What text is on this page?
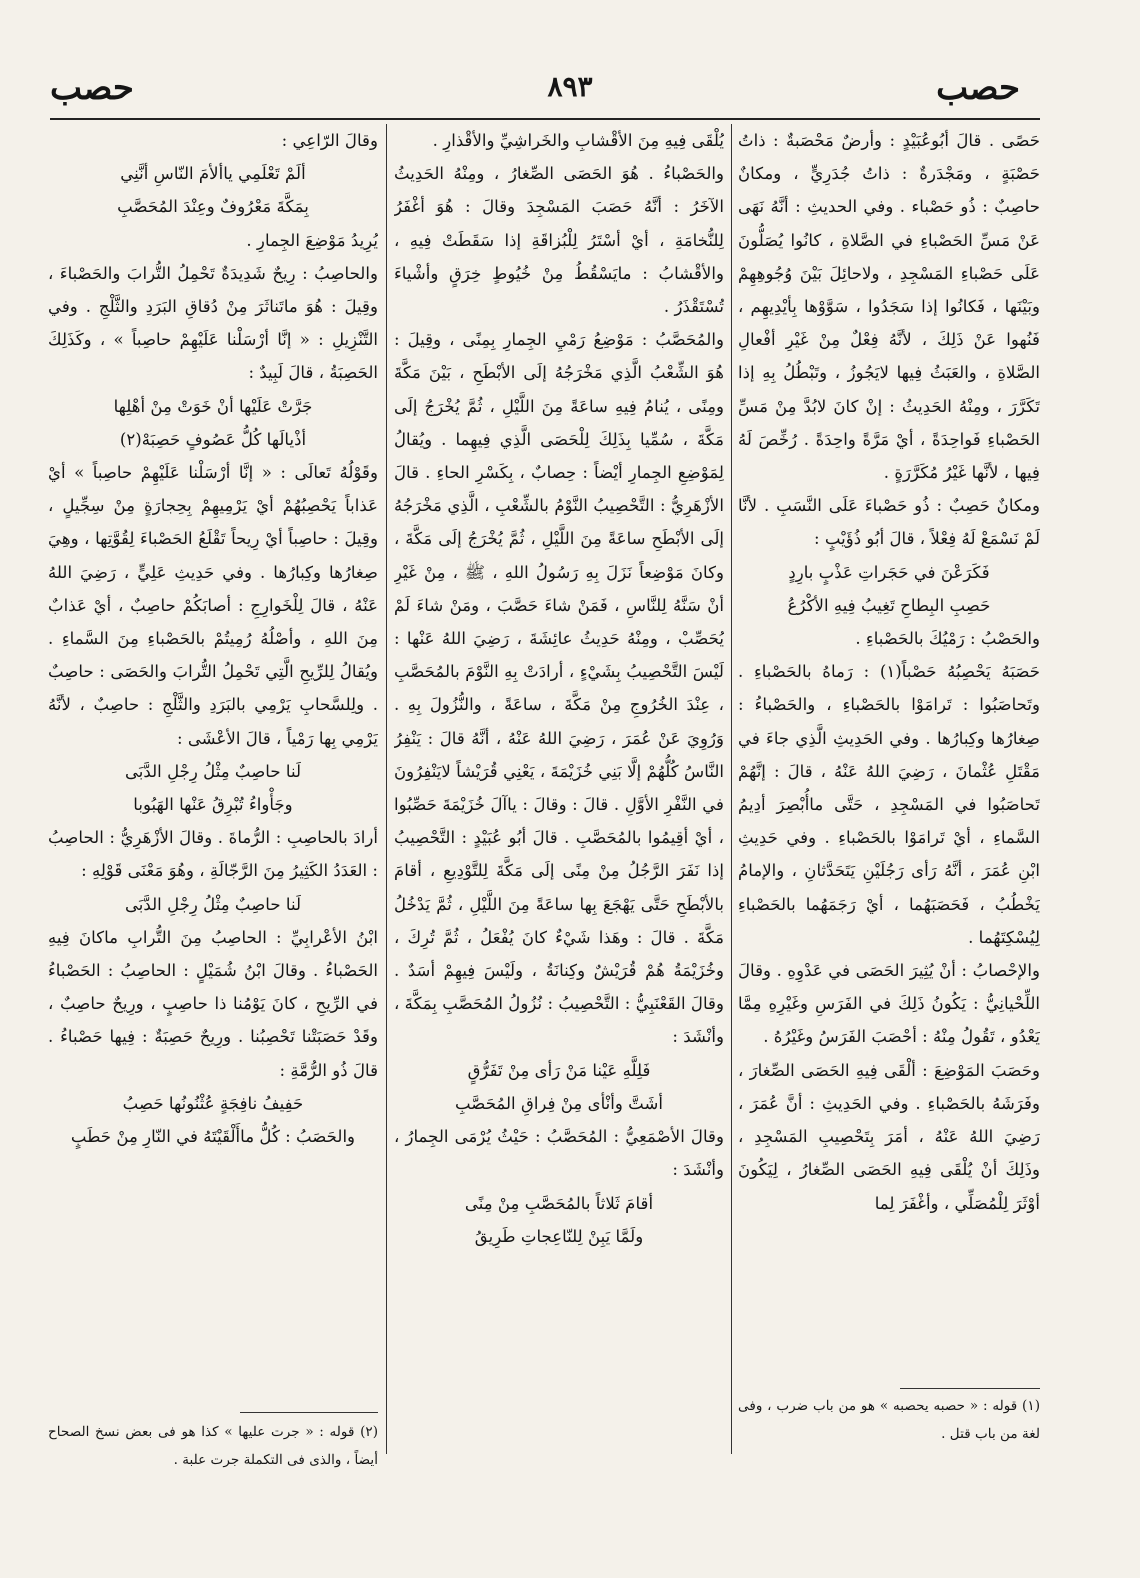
حصب
٨٩٣
حصب

حَصًى . قالَ أبُوعُبَيْدٍ : وأرضٌ مَحْصَبةٌ : ذاتُ حَصْبَةٍ ، ومَجْدَرةٌ : ذاتُ جُدَرِيٍّ ، ومكانٌ حاصِبٌ : ذُو حَصْباء . وفي الحديثِ : أنَّهُ نَهَى عَنْ مَسِّ الحَصْباءِ في الصَّلاةِ ، كانُوا يُصَلُّونَ عَلَى حَصْباءِ المَسْجِدِ ، ولاحائِلَ بَيْنَ وُجُوهِهِمْ وبَيْنَها ، فَكانُوا إذا سَجَدُوا ، سَوَّوْها بِأيْدِيهِم ، فَنُهوا عَنْ ذَلِكَ ، لأنَّهُ فِعْلٌ مِنْ غَيْرِ أفْعالِ الصَّلاةِ ، والعَبَثُ فِيها لايَجُوزُ ، وتَبْطُلُ بِهِ إذا تَكَرَّرَ ، ومِنْهُ الحَدِيثُ : إنْ كانَ لابُدَّ مِنْ مَسِّ الحَصْباءِ فَواحِدَةً ، أيْ مَرَّةً واحِدَةً . رُخِّصَ لَهُ فِيها ، لأنَّها غَيْرُ مُكَرَّرَةٍ .

ومكانٌ حَصِبٌ : ذُو حَصْباءَ عَلَى النَّسَبِ . لأنَّا لَمْ نَسْمَعْ لَهُ فِعْلاً ، قالَ أبُو ذُؤَيْبٍ :

فَكَرَعْنَ في حَجَراتِ عَذْبٍ بارِدٍ

حَصِبِ البِطاحِ تَغِيبُ فِيهِ الأكْرُعُ

والحَصْبُ : رَمْيُكَ بالحَصْباءِ .

حَصَبَهُ يَحْصِبُهُ حَصْباً(١) : رَماهُ بالحَصْباءِ . وتَحاصَبُوا : تَرامَوْا بالحَصْباءِ ، والحَصْباءُ : صِغارُها وكِبارُها . وفي الحَدِيثِ الَّذِي جاءَ في مَقْتَلِ عُثْمانَ ، رَضِيَ اللهُ عَنْهُ ، قالَ : إنَّهُمْ تَحاصَبُوا في المَسْجِدِ ، حَتَّى ماأُبْصِرَ أدِيمُ السَّماءِ ، أيْ تَرامَوْا بالحَصْباءِ . وفي حَدِيثِ ابْنِ عُمَرَ ، أنَّهُ رَأى رَجُلَيْنِ يَتَحَدَّثانِ ، والإمامُ يَخْطُبُ ، فَحَصَبَهُما ، أيْ رَجَمَهُما بالحَصْباءِ لِيُسْكِتَهُما .

والإحْصابُ : أنْ يُثِيرَ الحَصَى في عَدْوِهِ . وقالَ اللِّحْيانِيُّ : يَكُونُ ذَلِكَ في الفَرَسِ وغَيْرِهِ مِمَّا يَعْدُو ، تَقُولُ مِنْهُ : أحْصَبَ الفَرَسُ وغَيْرُهُ .

وحَصَبَ المَوْضِعَ : ألْقَى فِيهِ الحَصَى الصِّغارَ ، وفَرَشَهُ بالحَصْباءِ . وفي الحَدِيثِ : أنَّ عُمَرَ ، رَضِيَ اللهُ عَنْهُ ، أمَرَ بِتَحْصِيبِ المَسْجِدِ ، وذَلِكَ أنْ يُلْقَى فِيهِ الحَصَى الصِّغارُ ، لِيَكُونَ أوْثَرَ لِلْمُصَلِّي ، وأغْفَرَ لِما

يُلْقَى فِيهِ مِنَ الأقْشابِ والخَراشِيِّ والأقْذارِ .

والحَصْباءُ . هُوَ الحَصَى الصِّغارُ ، ومِنْهُ الحَدِيثُ الآخَرُ : أنَّهُ حَصَبَ المَسْجِدَ وقالَ : هُوَ أغْفَرُ لِلنُّخامَةِ ، أيْ أسْتَرُ لِلْبُزاقَةِ إذا سَقَطَتْ فِيهِ ، والأقْشابُ : مايَسْقُطُ مِنْ خُيُوطٍ خِرَقٍ وأشْياءَ تُسْتَقْذَرُ .

والمُحَصَّبُ : مَوْضِعُ رَمْيِ الجِمارِ بِمِنًى ، وقِيلَ : هُوَ الشِّعْبُ الَّذِي مَخْرَجُهُ إلَى الأبْطَحِ ، بَيْنَ مَكَّةَ ومِنًى ، يُنامُ فِيهِ ساعَةً مِنَ اللَّيْلِ ، ثُمَّ يُخْرَجُ إلَى مَكَّةَ ، سُمِّيا بِذَلِكَ لِلْحَصَى الَّذِي فِيهِما . ويُقالُ لِمَوْضِعِ الجِمارِ أيْضاً : حِصابٌ ، بِكَسْرِ الحاءِ . قالَ الأزْهَرِيُّ : التَّحْصِيبُ النَّوْمُ بالشِّعْبِ ، الَّذِي مَخْرَجُهُ إلَى الأبْطَحِ ساعَةً مِنَ اللَّيْلِ ، ثُمَّ يُخْرَجُ إلَى مَكَّةَ ، وكانَ مَوْضِعاً نَزَلَ بِهِ رَسُولُ اللهِ ، ﷺ ، مِنْ غَيْرِ أنْ سَنَّهُ لِلنَّاسِ ، فَمَنْ شاءَ حَصَّبَ ، ومَنْ شاءَ لَمْ يُحَصِّبْ ، ومِنْهُ حَدِيثُ عائِشَةَ ، رَضِيَ اللهُ عَنْها : لَيْسَ التَّحْصِيبُ بِشَيْءٍ ، أرادَتْ بِهِ النَّوْمَ بالمُحَصَّبِ ، عِنْدَ الخُرُوجِ مِنْ مَكَّةَ ، ساعَةً ، والنُّزُولَ بِهِ . وَرُوِيَ عَنْ عُمَرَ ، رَضِيَ اللهُ عَنْهُ ، أنَّهُ قالَ : يَنْفِرُ النَّاسُ كُلُّهُمْ إلَّا بَنِي خُزَيْمَةَ ، يَعْنِي قُرَيْشاً لايَنْفِرُونَ في النَّفْرِ الأوَّلِ . قالَ : وقالَ : ياآلَ خُزَيْمَةَ حَصِّبُوا ، أيْ أقِيمُوا بالمُحَصَّبِ . قالَ أبُو عُبَيْدٍ : التَّحْصِيبُ إذا نَفَرَ الرَّجُلُ مِنْ مِنًى إلَى مَكَّةَ لِلتَّوْدِيعِ ، أقامَ بالأبْطَحِ حَتَّى يَهْجَعَ بِها ساعَةً مِنَ اللَّيْلِ ، ثُمَّ يَدْخُلُ مَكَّةَ . قالَ : وهَذا شَيْءٌ كانَ يُفْعَلُ ، ثُمَّ تُرِكَ ، وخُزَيْمَةُ هُمْ قُرَيْشٌ وكِنانَةُ ، ولَيْسَ فِيهِمْ أسَدٌ . وقالَ القَعْنَبِيُّ : التَّحْصِيبُ : نُزُولُ المُحَصَّبِ بِمَكَّةَ ، وأنْشَدَ :

فَلِلَّهِ عَيْنا مَنْ رَأى مِنْ تَفَرُّقٍ

أشَتَّ وأنْأى مِنْ فِراقِ المُحَصَّبِ

وقالَ الأصْمَعِيُّ : المُحَصَّبُ : حَيْثُ يُرْمَى الجِمارُ ، وأنْشَدَ :

أقامَ ثَلاثاً بالمُحَصَّبِ مِنْ مِنًى

ولَمَّا يَبِنْ لِلنّاعِجاتِ طَرِيقُ

وقالَ الرّاعِي :

ألَمْ تَعْلَمِي ياألأمَ النّاسِ أنَّنِي

بِمَكَّةَ مَعْرُوفٌ وعِنْدَ المُحَصَّبِ

يُرِيدُ مَوْضِعَ الجِمارِ .

والحاصِبُ : رِيحٌ شَدِيدَةٌ تَحْمِلُ التُّرابَ والحَصْباءَ ، وقِيلَ : هُوَ ماتَناثَرَ مِنْ دُقاقِ البَرَدِ والثَّلْجِ . وفي التَّنْزِيلِ : « إنَّا أرْسَلْنا عَلَيْهِمْ حاصِباً » ، وكَذَلِكَ الحَصِبَةُ ، قالَ لَبِيدٌ :

جَرَّتْ عَلَيْها أنْ خَوَتْ مِنْ أهْلِها

أذْيالَها كُلُّ عَصُوفٍ حَصِبَهْ(٢)

وقَوْلُهُ تَعالَى : « إنَّا أرْسَلْنا عَلَيْهِمْ حاصِباً » أيْ عَذاباً يَحْصِبُهُمْ أيْ يَرْمِيهِمْ بِحِجارَةٍ مِنْ سِجِّيلٍ ، وقِيلَ : حاصِباً أيْ رِيحاً تَقْلَعُ الحَصْباءَ لِقُوَّتِها ، وهِيَ صِغارُها وكِبارُها . وفي حَدِيثِ عَلِيٍّ ، رَضِيَ اللهُ عَنْهُ ، قالَ لِلْخَوارِجِ : أصابَكُمْ حاصِبٌ ، أيْ عَذابٌ مِنَ اللهِ ، وأصْلُهُ رُمِيتُمْ بالحَصْباءِ مِنَ السَّماءِ . ويُقالُ لِلرِّيحِ الَّتِي تَحْمِلُ التُّرابَ والحَصَى : حاصِبٌ . ولِلسَّحابِ يَرْمِي بالبَرَدِ والثَّلْجِ : حاصِبٌ ، لأنَّهُ يَرْمِي بِها رَمْياً ، قالَ الأعْشَى :

لَنا حاصِبٌ مِثْلُ رِجْلِ الدَّبَى

وجَأْواءُ تُبْرِقُ عَنْها الهَبُوبا

أرادَ بالحاصِبِ : الرُّماةَ . وقالَ الأزْهَرِيُّ : الحاصِبُ : العَدَدُ الكَثِيرُ مِنَ الرَّجّالَةِ ، وهُوَ مَعْنَى قَوْلِهِ :

لَنا حاصِبٌ مِثْلُ رِجْلِ الدَّبَى

ابْنُ الأعْرابِيِّ : الحاصِبُ مِنَ التُّرابِ ماكانَ فِيهِ الحَصْباءُ . وقالَ ابْنُ شُمَيْلٍ : الحاصِبُ : الحَصْباءُ في الرِّيحِ ، كانَ يَوْمُنا ذا حاصِبٍ ، ورِيحٌ حاصِبٌ ، وقَدْ حَصَبَتْنا تَحْصِبُنا . ورِيحٌ حَصِبَةٌ : فِيها حَصْباءُ . قالَ ذُو الرُّمَّةِ :

حَفِيفُ نافِجَةٍ عُثْنُونُها حَصِبُ

والحَصَبُ : كُلُّ ماأَلْقَيْتَهُ في النّارِ مِنْ حَطَبٍ

(١) قوله : « حصبه يحصبه » هو من باب ضرب ، وفى لغة من باب قتل .
(٢) قوله : « جرت عليها » كذا هو فى بعض نسخ الصحاح أيضاً ، والذى فى التكملة جرت علبة .
